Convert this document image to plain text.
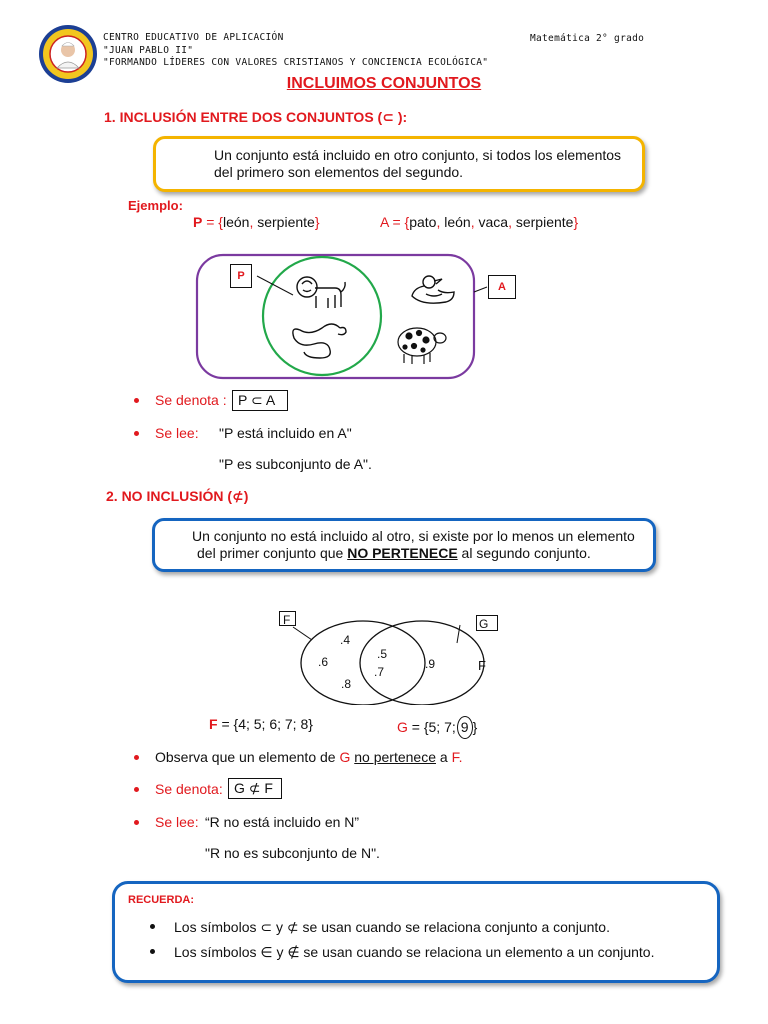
CENTRO EDUCATIVO DE APLICACIÓN
"JUAN PABLO II"
"FORMANDO LÍDERES CON VALORES CRISTIANOS Y CONCIENCIA ECOLÓGICA"
Matemática 2° grado
INCLUIMOS CONJUNTOS
1. INCLUSIÓN ENTRE DOS CONJUNTOS (⊂ ):
Un conjunto está incluido en otro conjunto, si todos los elementos
del primero son elementos del segundo.
Ejemplo:
P = {león, serpiente}	A = {pato, león, vaca, serpiente}
P
A
Se denota : P ⊂ A
Se lee: "P está incluido en A"
"P es subconjunto de A".
2. NO INCLUSIÓN (⊄)
Un conjunto no está incluido al otro, si existe por lo menos un elemento
del primer conjunto que NO PERTENECE al segundo conjunto.
F	G
F
.4
.6
.8
.5
.7
.9
F = {4; 5; 6; 7; 8}	G = {5; 7; 9 }
Observa que un elemento de G no pertenece a F.
Se denota: G ⊄ F
Se lee: “R no está incluido en N”
"R no es subconjunto de N".
RECUERDA:
Los símbolos ⊂ y ⊄ se usan cuando se relaciona conjunto a conjunto.
Los símbolos ∈ y ∉ se usan cuando se relaciona un elemento a un conjunto.
